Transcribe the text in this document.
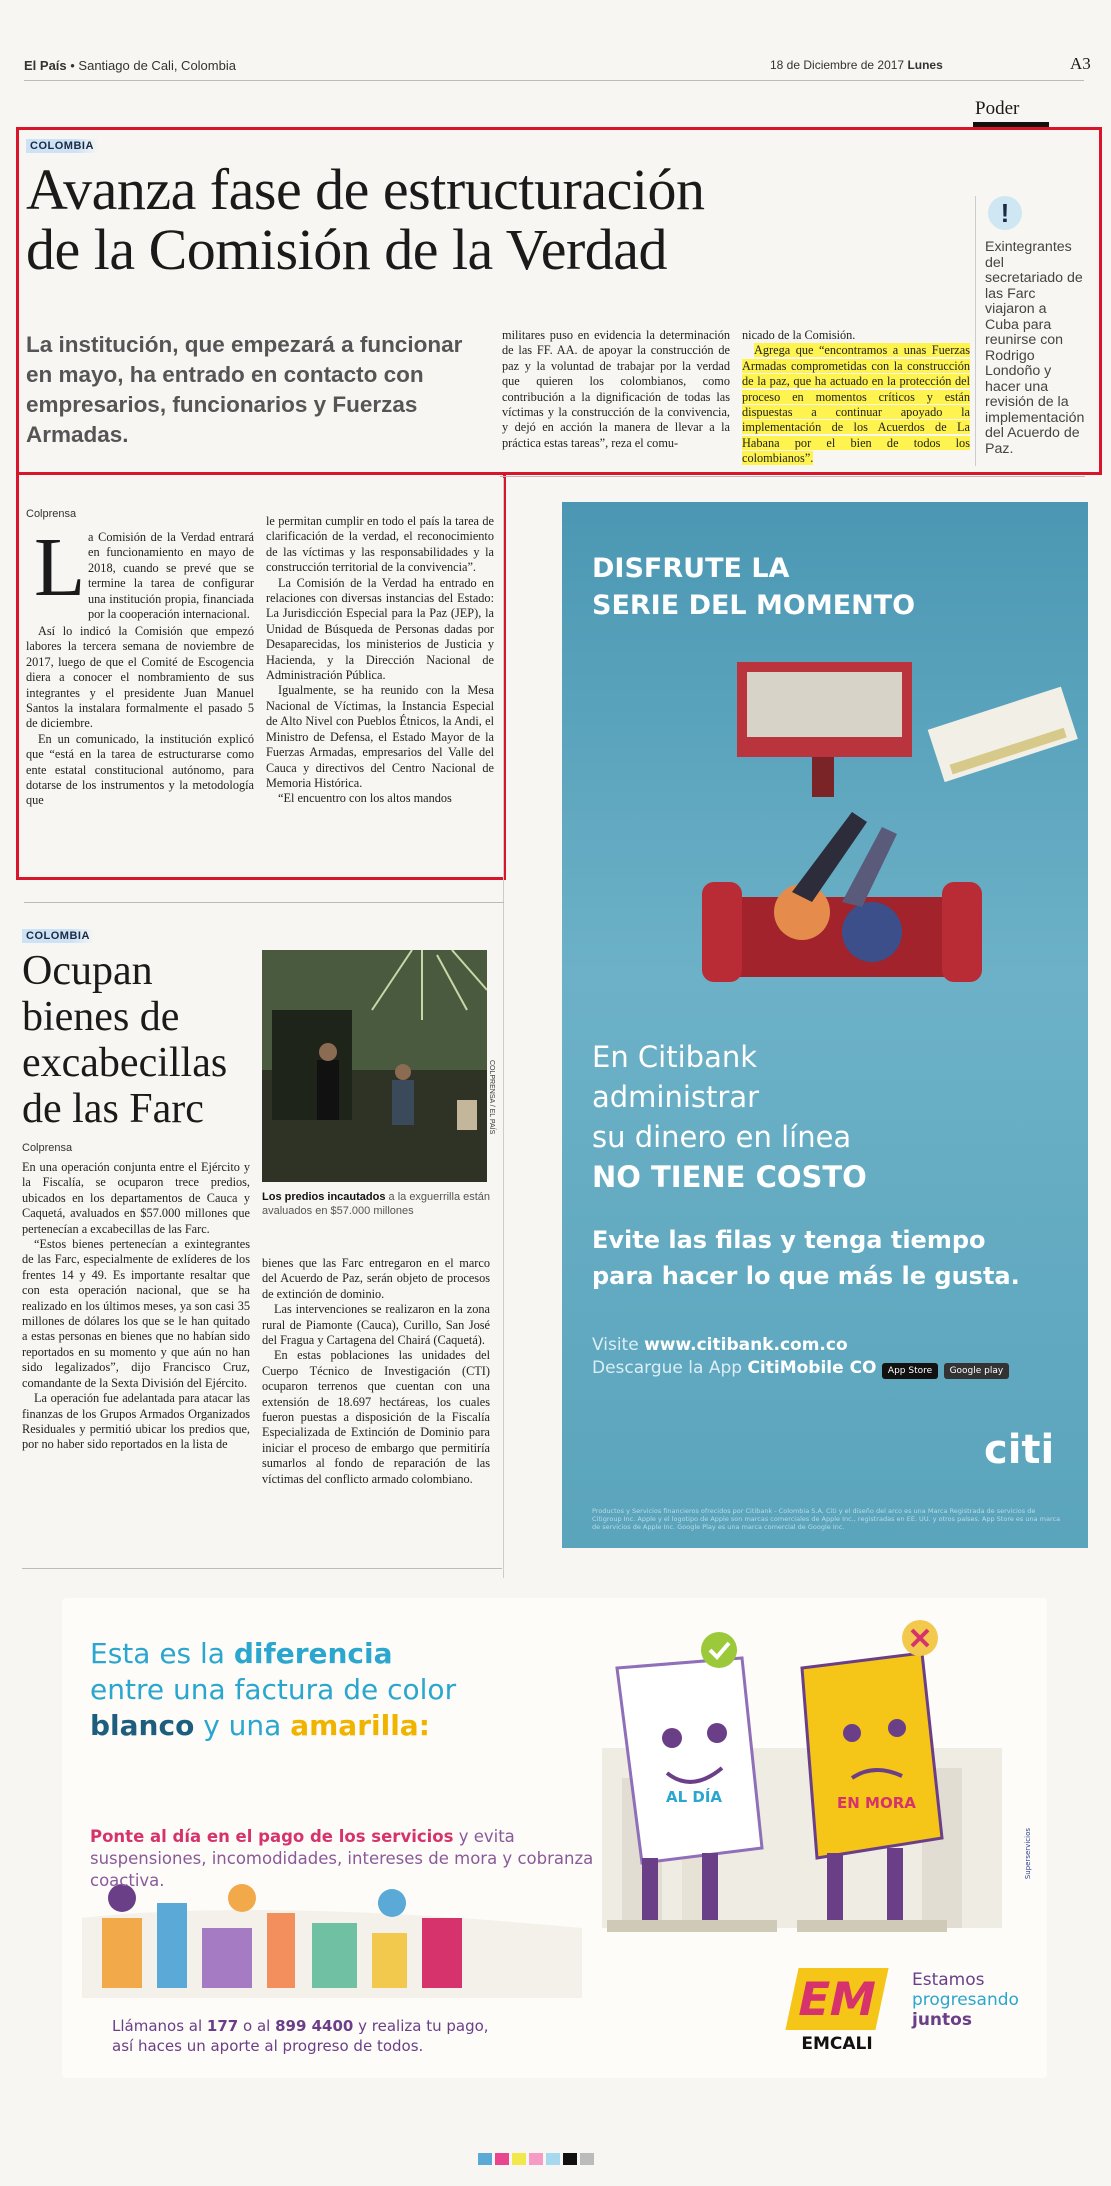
El País • Santiago de Cali, Colombia	18 de Diciembre de 2017 Lunes	A3
Poder
COLOMBIA
Avanza fase de estructuración
de la Comisión de la Verdad
La institución, que empezará a funcionar en mayo, ha entrado en contacto con empresarios, funcionarios y Fuerzas Armadas.
!
Exintegrantes del secretariado de las Farc viajaron a Cuba para reunirse con Rodrigo Londoño y hacer una revisión de la implementación del Acuerdo de Paz.

militares puso en evidencia la determinación de las FF. AA. de apoyar la construcción de paz y la voluntad de trabajar por la verdad que quieren los colombianos, como contribución a la dignificación de todas las víctimas y la construcción de la convivencia, y dejó en acción la manera de llevar a la práctica estas tareas”, reza el comu-

nicado de la Comisión.

Agrega que “encontramos a unas Fuerzas Armadas comprometidas con la construcción de la paz, que ha actuado en la protección del proceso en momentos críticos y están dispuestas a continuar apoyado la implementación de los Acuerdos de La Habana por el bien de todos los colombianos”.

Colprensa
L a Comisión de la Verdad entrará en funcionamiento en mayo de 2018, cuando se prevé que se termine la tarea de configurar una institución propia, financiada por la cooperación internacional.

Así lo indicó la Comisión que empezó labores la tercera semana de noviembre de 2017, luego de que el Comité de Escogencia diera a conocer el nombramiento de sus integrantes y el presidente Juan Manuel Santos la instalara formalmente el pasado 5 de diciembre.

En un comunicado, la institución explicó que “está en la tarea de estructurarse como ente estatal constitucional autónomo, para dotarse de los instrumentos y la metodología que

le permitan cumplir en todo el país la tarea de clarificación de la verdad, el reconocimiento de las víctimas y las responsabilidades y la construcción territorial de la convivencia”.

La Comisión de la Verdad ha entrado en relaciones con diversas instancias del Estado: La Jurisdicción Especial para la Paz (JEP), la Unidad de Búsqueda de Personas dadas por Desaparecidas, los ministerios de Justicia y Hacienda, y la Dirección Nacional de Administración Pública.

Igualmente, se ha reunido con la Mesa Nacional de Víctimas, la Instancia Especial de Alto Nivel con Pueblos Étnicos, la Andi, el Ministro de Defensa, el Estado Mayor de la Fuerzas Armadas, empresarios del Valle del Cauca y directivos del Centro Nacional de Memoria Histórica.

“El encuentro con los altos mandos

DISFRUTE LA
SERIE DEL MOMENTO
En Citibank
administrar
su dinero en línea
NO TIENE COSTO
Evite las filas y tenga tiempo
para hacer lo que más le gusta.
Visite www.citibank.com.co
Descargue la App CitiMobile CO App Store Google play
citi
Productos y Servicios financieros ofrecidos por Citibank - Colombia S.A. Citi y el diseño del arco es una Marca Registrada de servicios de Citigroup Inc. Apple y el logotipo de Apple son marcas comerciales de Apple Inc., registradas en EE. UU. y otros países. App Store es una marca de servicios de Apple Inc. Google Play es una marca comercial de Google Inc.
COLOMBIA
Ocupan bienes de excabecillas de las Farc	COLPRENSA / EL PAÍS
Los predios incautados a la exguerrilla están avaluados en $57.000 millones
Colprensa

En una operación conjunta entre el Ejército y la Fiscalía, se ocuparon trece predios, ubicados en los departamentos de Cauca y Caquetá, avaluados en $57.000 millones que pertenecían a excabecillas de las Farc.

“Estos bienes pertenecían a exintegrantes de las Farc, especialmente de exlíderes de los frentes 14 y 49. Es importante resaltar que con esta operación nacional, que se ha realizado en los últimos meses, ya son casi 35 millones de dólares los que se le han quitado a estas personas en bienes que no habían sido reportados en su momento y que aún no han sido legalizados”, dijo Francisco Cruz, comandante de la Sexta División del Ejército.

La operación fue adelantada para atacar las finanzas de los Grupos Armados Organizados Residuales y permitió ubicar los predios que, por no haber sido reportados en la lista de

bienes que las Farc entregaron en el marco del Acuerdo de Paz, serán objeto de procesos de extinción de dominio.

Las intervenciones se realizaron en la zona rural de Piamonte (Cauca), Curillo, San José del Fragua y Cartagena del Chairá (Caquetá).

En estas poblaciones las unidades del Cuerpo Técnico de Investigación (CTI) ocuparon terrenos que cuentan con una extensión de 18.697 hectáreas, los cuales fueron puestas a disposición de la Fiscalía Especializada de Extinción de Dominio para iniciar el proceso de embargo que permitiría sumarlos al fondo de reparación de las víctimas del conflicto armado colombiano.

Esta es la diferencia
entre una factura de color
blanco y una amarilla:
AL DÍA	EN MORA
Ponte al día en el pago de los servicios y evita suspensiones, incomodidades, intereses de mora y cobranza coactiva.
Llámanos al 177 o al 899 4400 y realiza tu pago,
así haces un aporte al progreso de todos.
Superservicios
EM
EMCALI
Estamos
progresando
juntos
